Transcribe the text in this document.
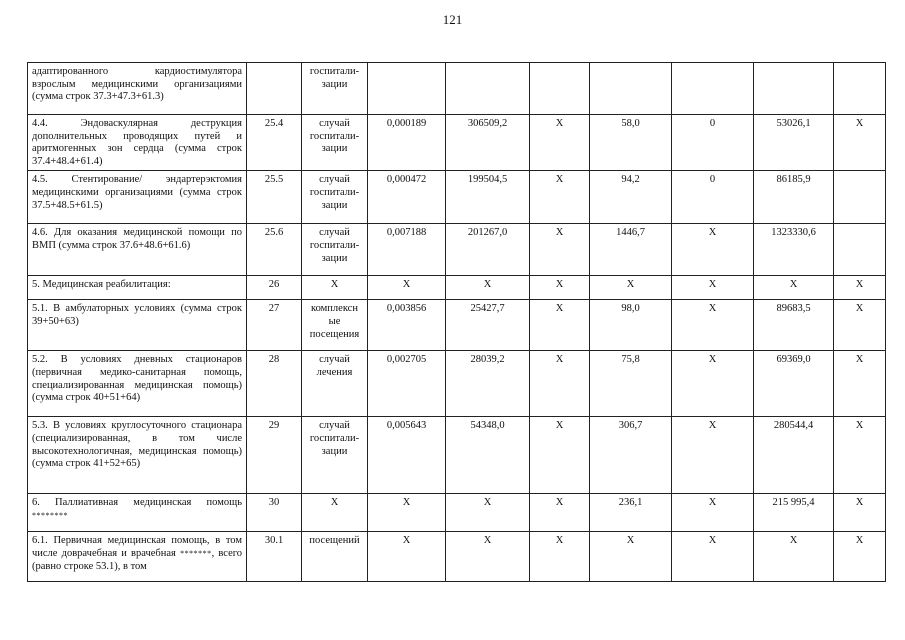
121
адаптированного кардиостимулятора взрослым медицинскими организациями (сумма строк 37.3+47.3+61.3)		госпитали-зации							
4.4. Эндоваскулярная деструкция дополнительных проводящих путей и аритмогенных зон сердца (сумма строк 37.4+48.4+61.4)	25.4	случай госпитали-зации	0,000189	306509,2	X	58,0	0	53026,1	X
4.5. Стентирование/ эндартерэктомия медицинскими организациями (сумма строк 37.5+48.5+61.5)	25.5	случай госпитали-зации	0,000472	199504,5	X	94,2	0	86185,9	
4.6. Для оказания медицинской помощи по ВМП (сумма строк 37.6+48.6+61.6)	25.6	случай госпитали-зации	0,007188	201267,0	X	1446,7	X	1323330,6	
5. Медицинская реабилитация:	26	X	X	X	X	X	X	X	X
5.1. В амбулаторных условиях (сумма строк 39+50+63)	27	комплексн ые посещения	0,003856	25427,7	X	98,0	X	89683,5	X
5.2. В условиях дневных стационаров (первичная медико-санитарная помощь, специализированная медицинская помощь) (сумма строк 40+51+64)	28	случай лечения	0,002705	28039,2	X	75,8	X	69369,0	X
5.3. В условиях круглосуточного стационара (специализированная, в том числе высокотехнологичная, медицинская помощь) (сумма строк 41+52+65)	29	случай госпитали-зации	0,005643	54348,0	X	306,7	X	280544,4	X
6. Паллиативная медицинская помощь ********	30	X	X	X	X	236,1	X	215 995,4	X
6.1. Первичная медицинская помощь, в том числе доврачебная и врачебная *******, всего (равно строке 53.1), в том	30.1	посещений	X	X	X	X	X	X	X
